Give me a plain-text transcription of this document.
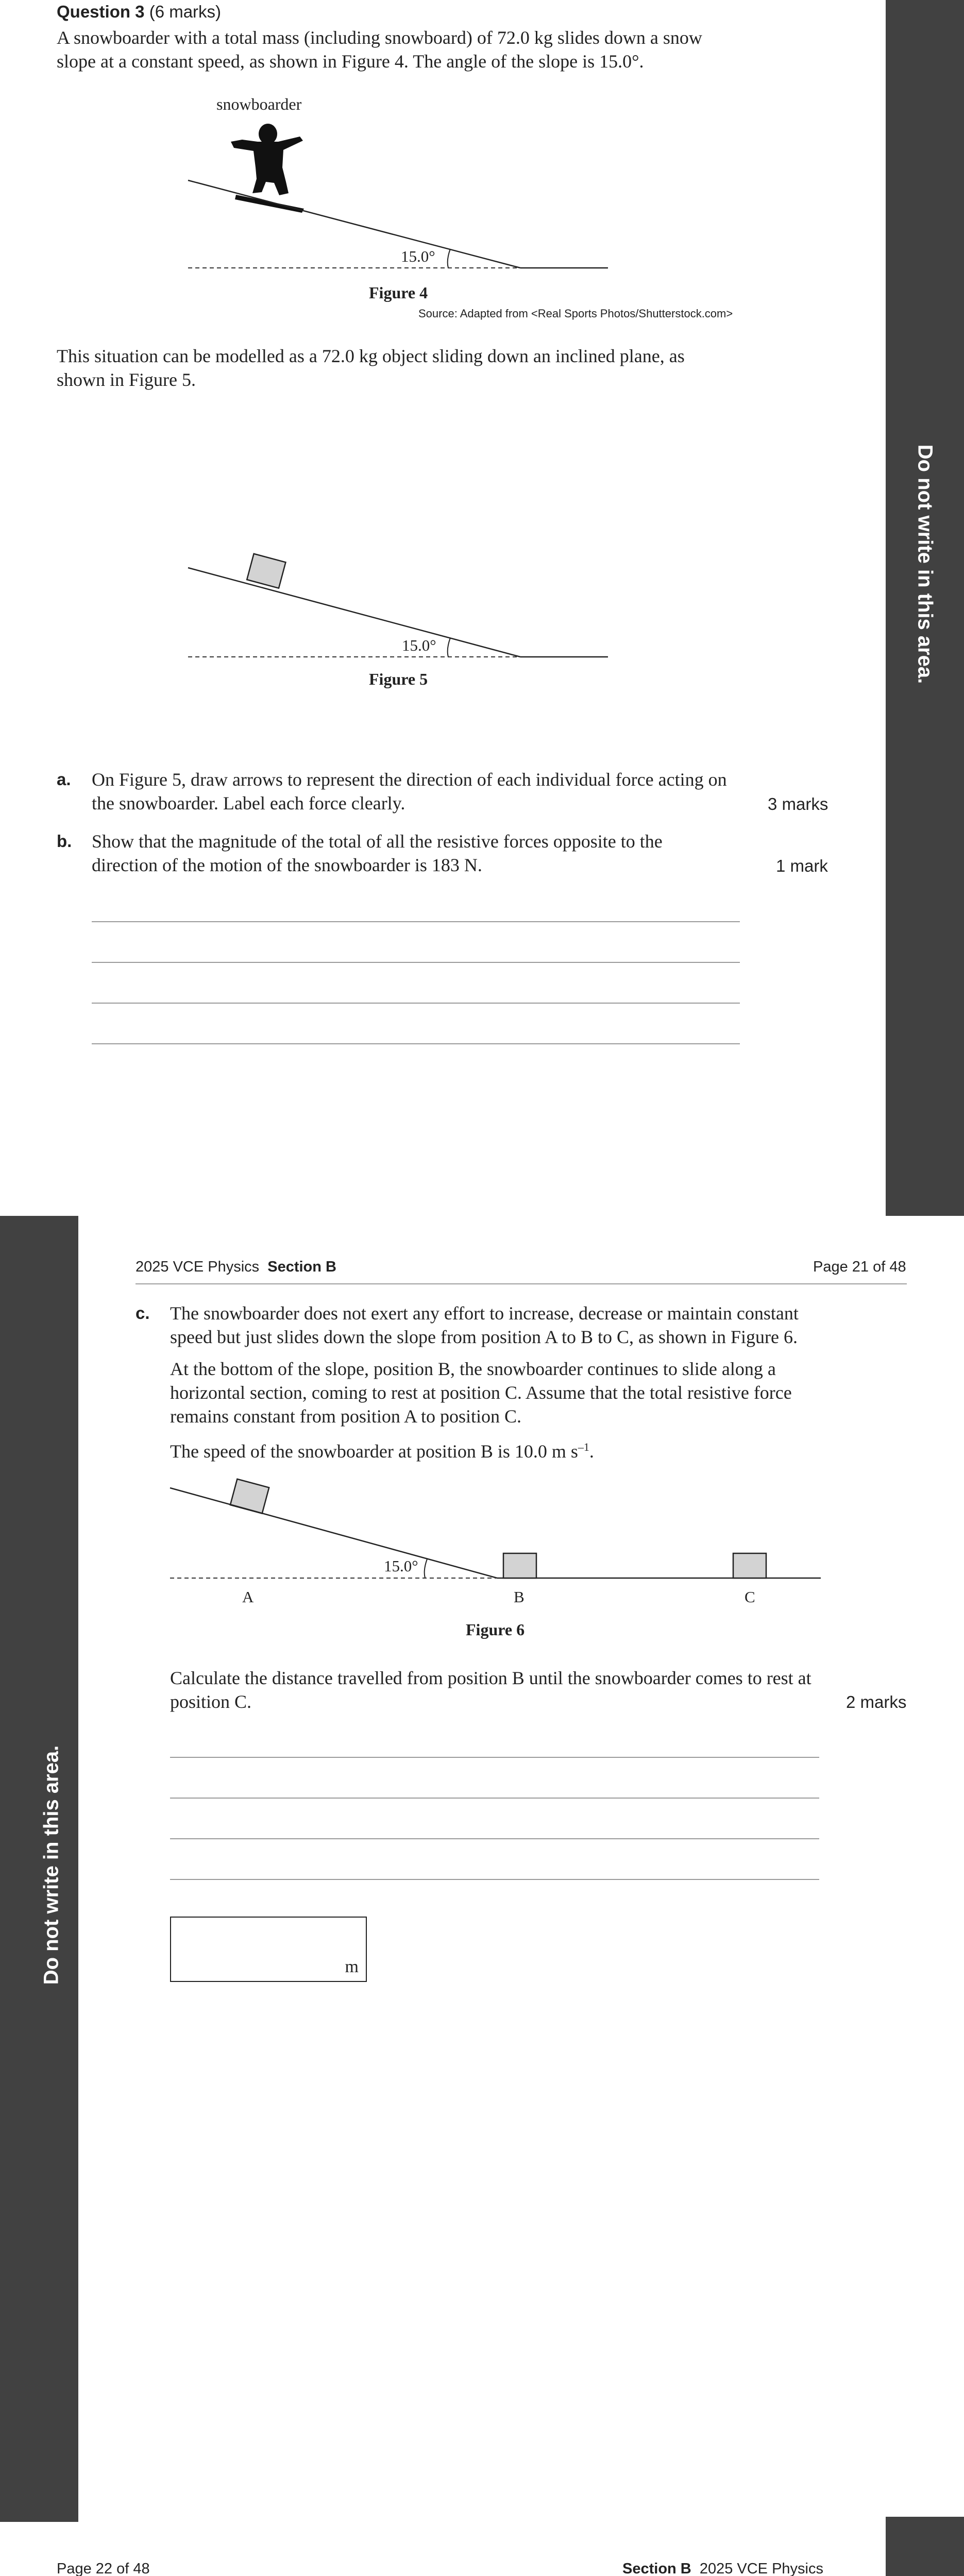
Do not write in this area.
Do not write in this area.
Question 3 (6 marks)
A snowboarder with a total mass (including snowboard) of 72.0 kg slides down a snow slope at a constant speed, as shown in Figure 4. The angle of the slope is 15.0°.
snowboarder
15.0°
Figure 4
Source: Adapted from <Real Sports Photos/Shutterstock.com>
This situation can be modelled as a 72.0 kg object sliding down an inclined plane, as shown in Figure 5.
15.0°
Figure 5
a. On Figure 5, draw arrows to represent the direction of each individual force acting on the snowboarder. Label each force clearly.	3 marks
b. Show that the magnitude of the total of all the resistive forces opposite to the direction of the motion of the snowboarder is 183 N.	1 mark
2025 VCE Physics Section B	Page 21 of 48
c. The snowboarder does not exert any effort to increase, decrease or maintain constant speed but just slides down the slope from position A to B to C, as shown in Figure 6.
At the bottom of the slope, position B, the snowboarder continues to slide along a horizontal section, coming to rest at position C. Assume that the total resistive force remains constant from position A to position C.
The speed of the snowboarder at position B is 10.0 m $s^{-1}$.
15.0°
A	B	C
Figure 6
Calculate the distance travelled from position B until the snowboarder comes to rest at position C.	2 marks
m
Page 22 of 48	Section B 2025 VCE Physics
